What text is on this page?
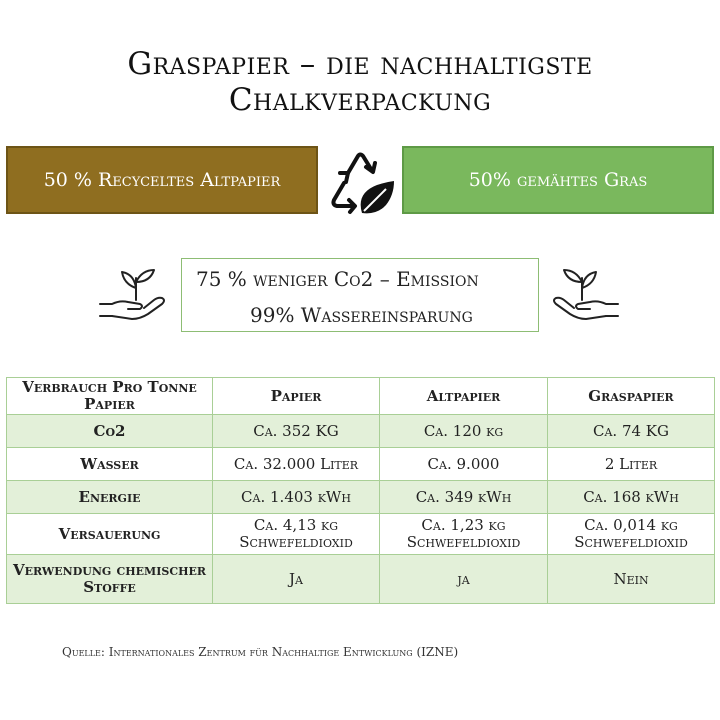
Graspapier – die nachhaltigste
Chalkverpackung
50 % Recyceltes Altpapier	50% gemähtes Gras
75 % weniger Co2 – Emission
99% Wassereinsparung
Verbrauch Pro Tonne Papier	Papier	Altpapier	Graspapier
Co2	Ca. 352 KG	Ca. 120 kg	Ca. 74 KG
Wasser	Ca. 32.000 Liter	Ca. 9.000	2 Liter
Energie	Ca. 1.403 kWh	Ca. 349 kWh	Ca. 168 kWh
Versauerung	Ca. 4,13 kg Schwefeldioxid	Ca. 1,23 kg Schwefeldioxid	Ca. 0,014 kg Schwefeldioxid
Verwendung chemischer Stoffe	Ja	ja	Nein
Quelle: Internationales Zentrum für Nachhaltige Entwicklung (IZNE)
